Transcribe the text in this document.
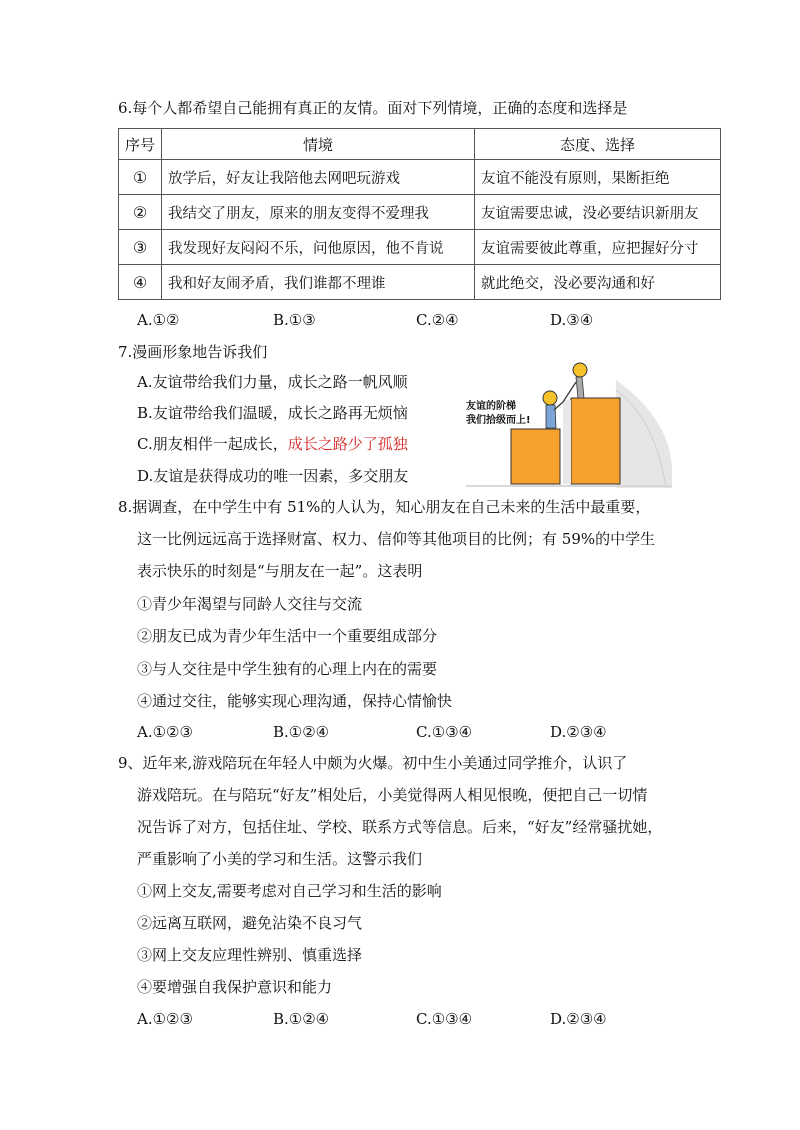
6.每个人都希望自己能拥有真正的友情。面对下列情境，正确的态度和选择是
序号	情境	态度、选择
①	放学后，好友让我陪他去网吧玩游戏	友谊不能没有原则，果断拒绝
②	我结交了朋友，原来的朋友变得不爱理我	友谊需要忠诚，没必要结识新朋友
③	我发现好友闷闷不乐，问他原因，他不肯说	友谊需要彼此尊重，应把握好分寸
④	我和好友闹矛盾，我们谁都不理谁	就此绝交，没必要沟通和好
A.①②	B.①③	C.②④	D.③④
7.漫画形象地告诉我们
A.友谊带给我们力量，成长之路一帆风顺
B.友谊带给我们温暖，成长之路再无烦恼
C.朋友相伴一起成长，成长之路少了孤独
D.友谊是获得成功的唯一因素，多交朋友
友谊的阶梯
我们拾级而上!
8.据调查，在中学生中有 51%的人认为，知心朋友在自己未来的生活中最重要，
这一比例远远高于选择财富、权力、信仰等其他项目的比例；有 59%的中学生
表示快乐的时刻是“与朋友在一起”。这表明
①青少年渴望与同龄人交往与交流
②朋友已成为青少年生活中一个重要组成部分
③与人交往是中学生独有的心理上内在的需要
④通过交往，能够实现心理沟通，保持心情愉快
A.①②③	B.①②④	C.①③④	D.②③④
9、近年来,游戏陪玩在年轻人中颇为火爆。初中生小美通过同学推介，认识了
游戏陪玩。在与陪玩“好友”相处后，小美觉得两人相见恨晚，便把自己一切情
况告诉了对方，包括住址、学校、联系方式等信息。后来，“好友”经常骚扰她，
严重影响了小美的学习和生活。这警示我们
①网上交友,需要考虑对自己学习和生活的影响
②远离互联网，避免沾染不良习气
③网上交友应理性辨别、慎重选择
④要增强自我保护意识和能力
A.①②③	B.①②④	C.①③④	D.②③④
